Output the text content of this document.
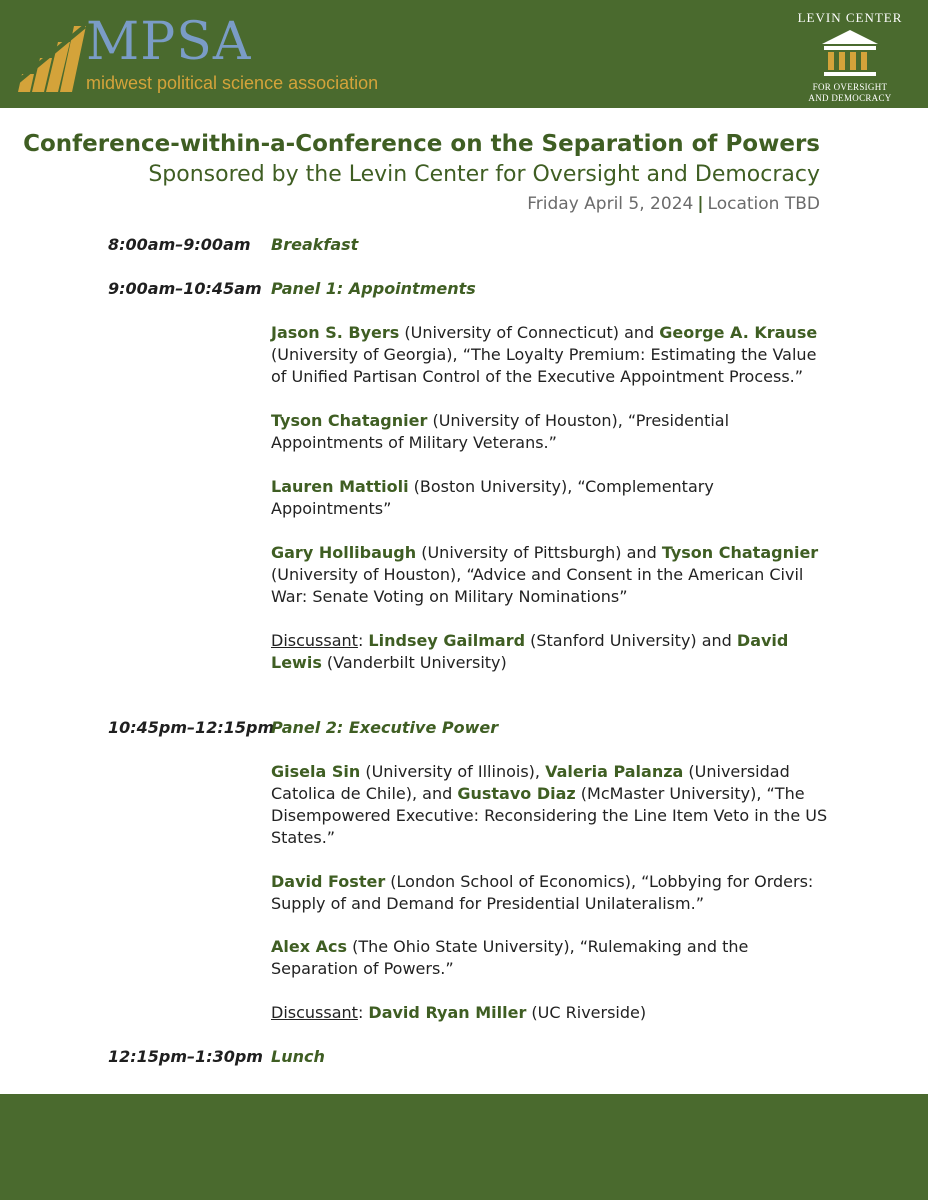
MPSA
midwest political science association
LEVIN CENTER
FOR OVERSIGHT
AND DEMOCRACY
Conference-within-a-Conference on the Separation of Powers
Sponsored by the Levin Center for Oversight and Democracy
Friday April 5, 2024 | Location TBD
8:00am–9:00am Breakfast
9:00am–10:45am Panel 1: Appointments
Jason S. Byers (University of Connecticut) and George A. Krause (University of Georgia), “The Loyalty Premium: Estimating the Value of Unified Partisan Control of the Executive Appointment Process.”
Tyson Chatagnier (University of Houston), “Presidential Appointments of Military Veterans.”
Lauren Mattioli (Boston University), “Complementary Appointments”
Gary Hollibaugh (University of Pittsburgh) and Tyson Chatagnier (University of Houston), “Advice and Consent in the American Civil War: Senate Voting on Military Nominations”
Discussant: Lindsey Gailmard (Stanford University) and David Lewis (Vanderbilt University)
10:45pm–12:15pm
Panel 2: Executive Power
Gisela Sin (University of Illinois), Valeria Palanza (Universidad Catolica de Chile), and Gustavo Diaz (McMaster University), “The Disempowered Executive: Reconsidering the Line Item Veto in the US States.”
David Foster (London School of Economics), “Lobbying for Orders: Supply of and Demand for Presidential Unilateralism.”
Alex Acs (The Ohio State University), “Rulemaking and the Separation of Powers.”
Discussant: David Ryan Miller (UC Riverside)
12:15pm–1:30pm Lunch
